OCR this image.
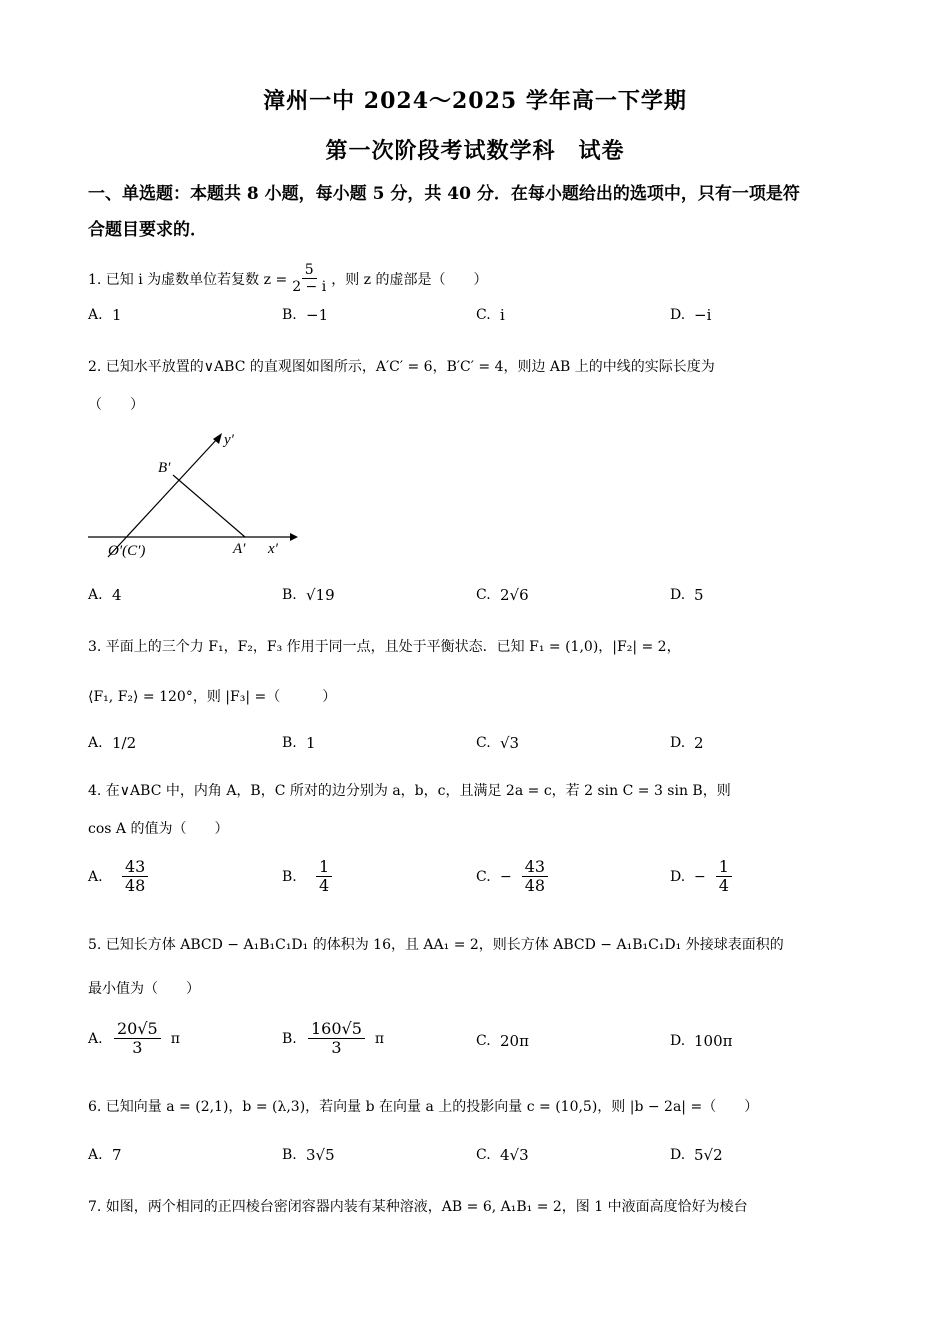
漳州一中 2024～2025 学年高一下学期
第一次阶段考试数学科　试卷
一、单选题：本题共 8 小题，每小题 5 分，共 40 分．在每小题给出的选项中，只有一项是符
合题目要求的．
1. 已知 i 为虚数单位若复数 $z = \frac{5}{2 - i}$ ，则 z 的虚部是（　　）
A. 1	B. −1	C. i	D. −i
2. 已知水平放置的∨ABC 的直观图如图所示，A′C′ = 6，B′C′ = 4，则边 AB 上的中线的实际长度为
（　　）
y′
x′
B′
A′
O′(C′)
A. 4	B. √19	C. 2√6	D. 5
3. 平面上的三个力 F₁，F₂，F₃ 作用于同一点，且处于平衡状态．已知 F₁ = (1,0)，|F₂| = 2，
⟨F₁, F₂⟩ = 120°，则 |F₃| =（　　　）
A. 1/2	B. 1	C. √3	D. 2
4. 在∨ABC 中，内角 A，B，C 所对的边分别为 a，b，c，且满足 2a = c，若 2 sin C = 3 sin B，则
cos A 的值为（　　）
A. $\frac{43}{48}$	B. $\frac{1}{4}$	C. − $\frac{43}{48}$	D. − $\frac{1}{4}$
5. 已知长方体 ABCD − A₁B₁C₁D₁ 的体积为 16，且 AA₁ = 2，则长方体 ABCD − A₁B₁C₁D₁ 外接球表面积的
最小值为（　　）
A. $\frac{20√5}{3}$ π	B. $\frac{160√5}{3}$ π	C. 20π	D. 100π
6. 已知向量 a = (2,1)，b = (λ,3)，若向量 b 在向量 a 上的投影向量 c = (10,5)，则 |b − 2a| =（　　）
A. 7	B. 3√5	C. 4√3	D. 5√2
7. 如图，两个相同的正四棱台密闭容器内装有某种溶液，AB = 6, A₁B₁ = 2，图 1 中液面高度恰好为棱台
